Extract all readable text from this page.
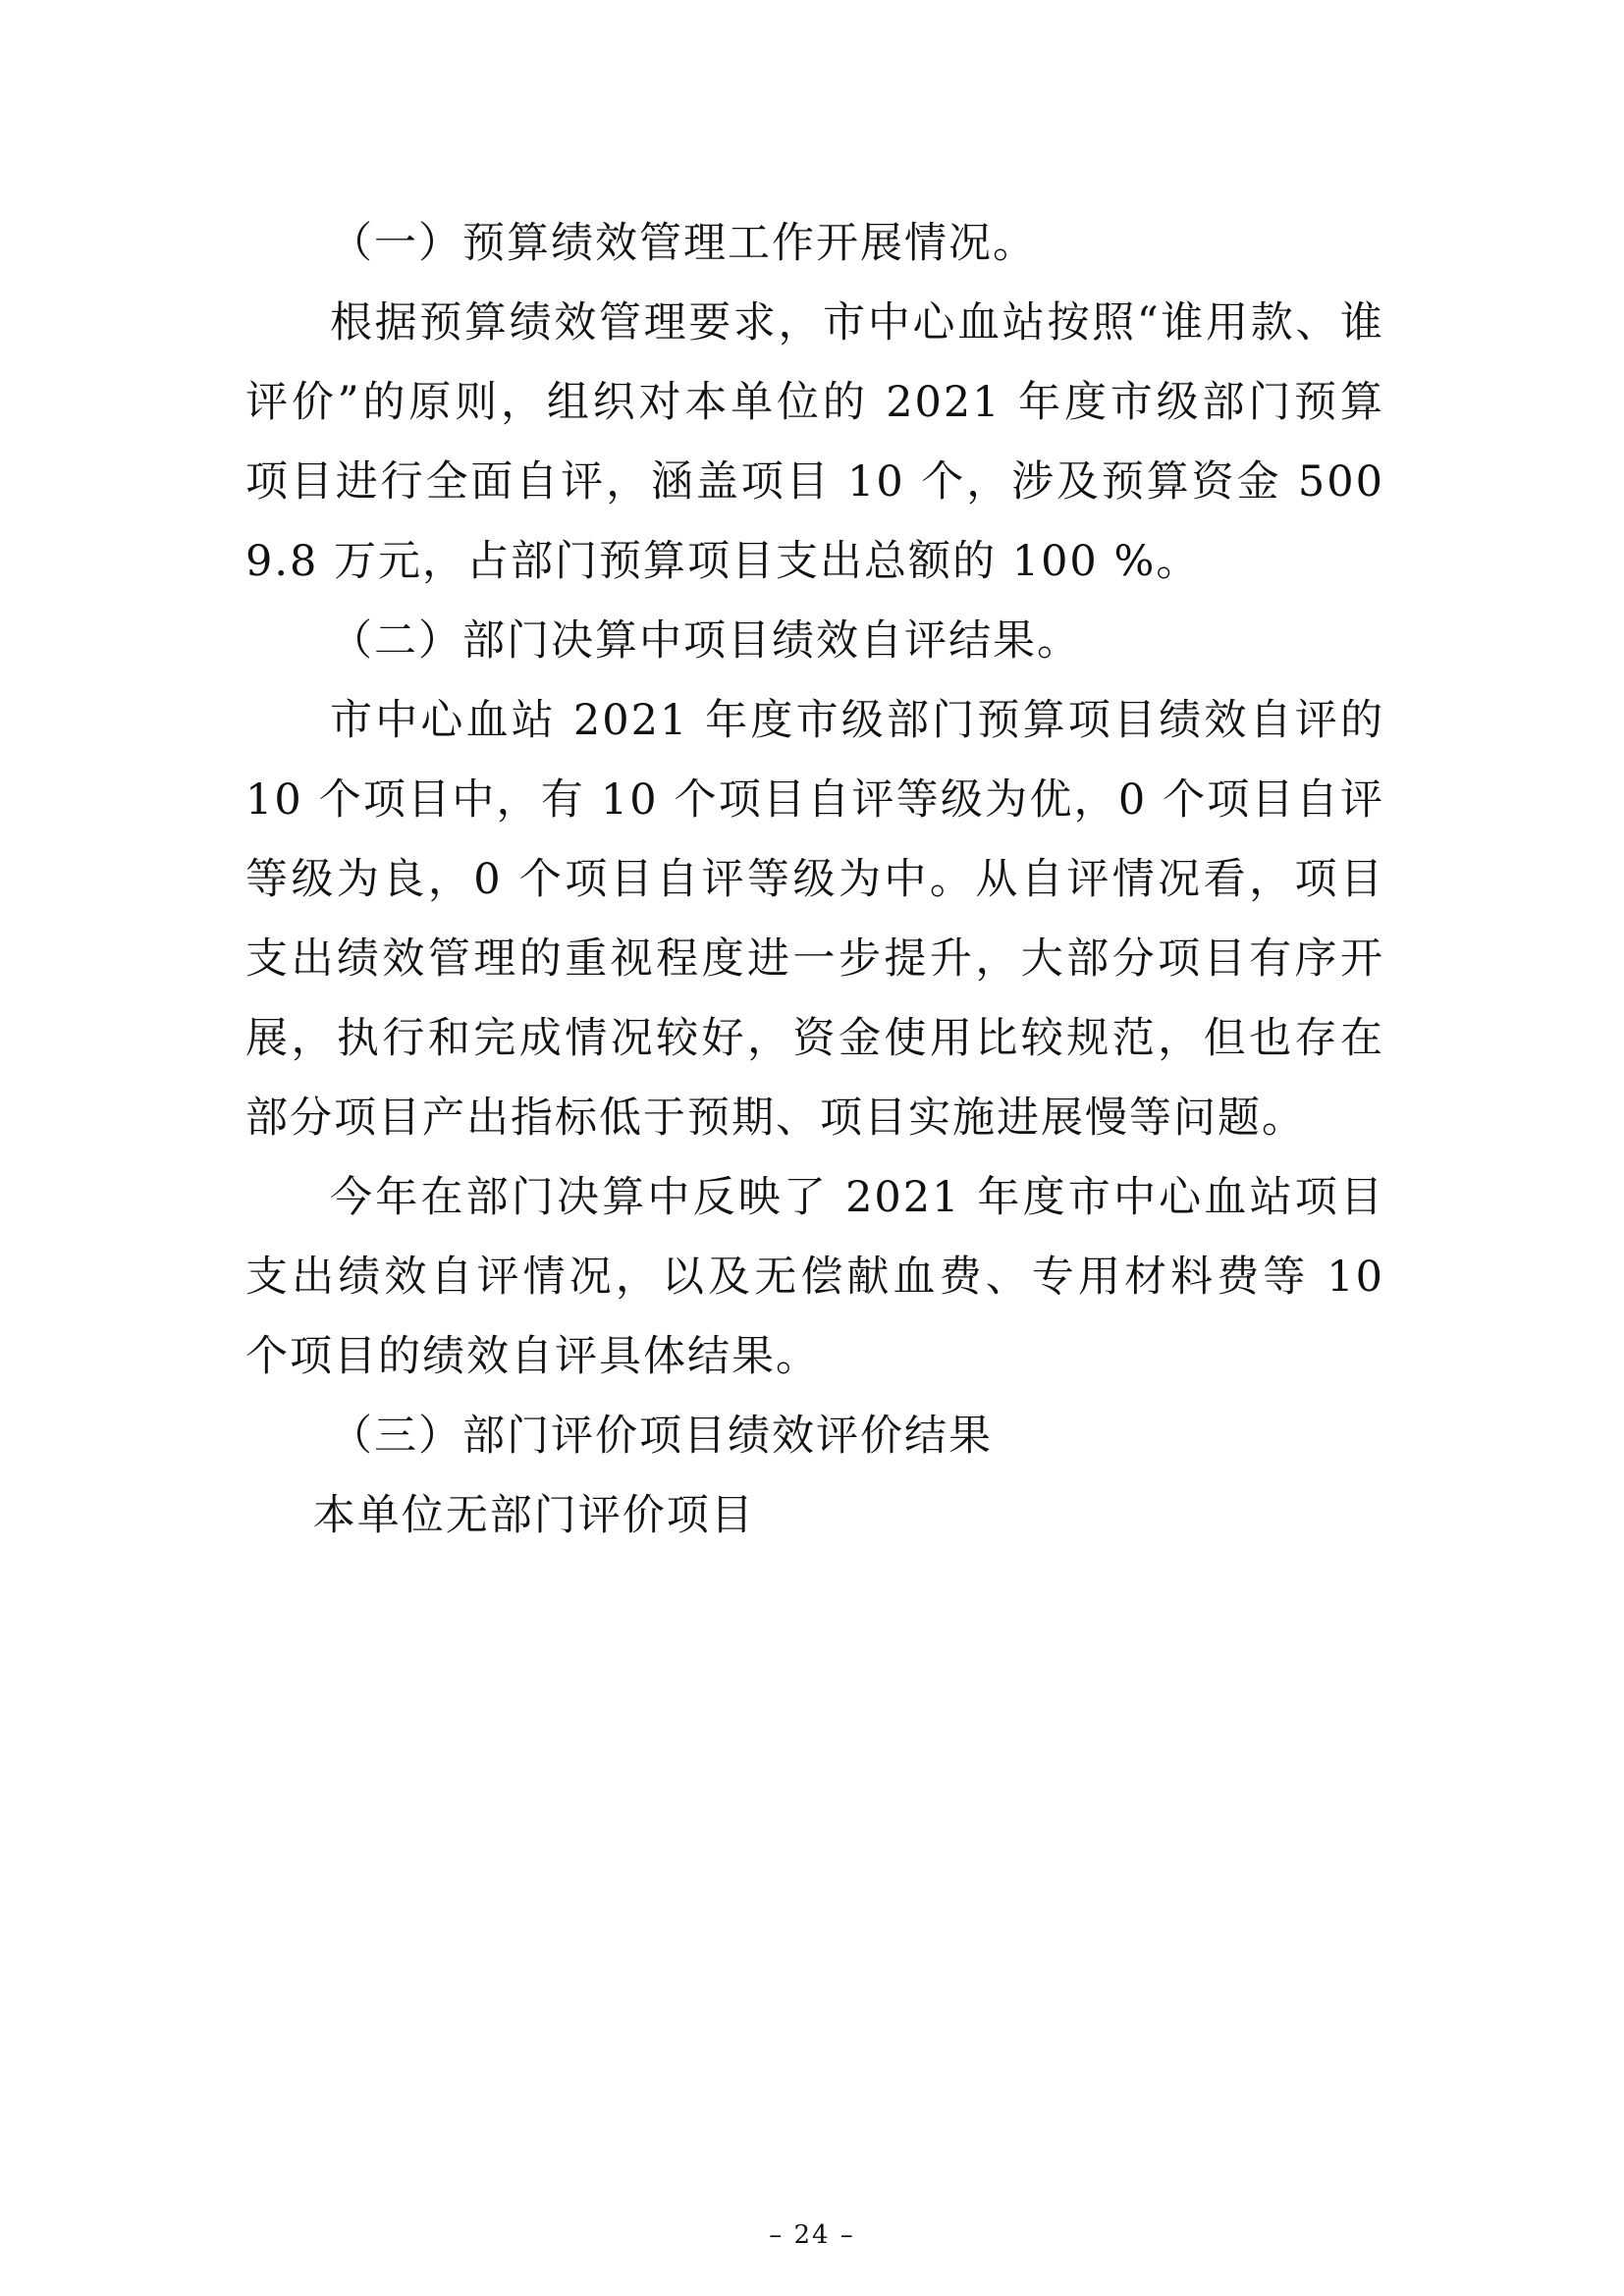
（一）预算绩效管理工作开展情况。

根据预算绩效管理要求，市中心血站按照“谁用款、谁评价”的原则，组织对本单位的 2021 年度市级部门预算项目进行全面自评，涵盖项目 10 个，涉及预算资金 5009.8 万元，占部门预算项目支出总额的 100 %。

（二）部门决算中项目绩效自评结果。

市中心血站 2021 年度市级部门预算项目绩效自评的 10 个项目中，有 10 个项目自评等级为优，0 个项目自评等级为良，0 个项目自评等级为中。从自评情况看，项目支出绩效管理的重视程度进一步提升，大部分项目有序开展，执行和完成情况较好，资金使用比较规范，但也存在部分项目产出指标低于预期、项目实施进展慢等问题。

今年在部门决算中反映了 2021 年度市中心血站项目支出绩效自评情况，以及无偿献血费、专用材料费等 10 个项目的绩效自评具体结果。

（三）部门评价项目绩效评价结果

本单位无部门评价项目

– 24 –
